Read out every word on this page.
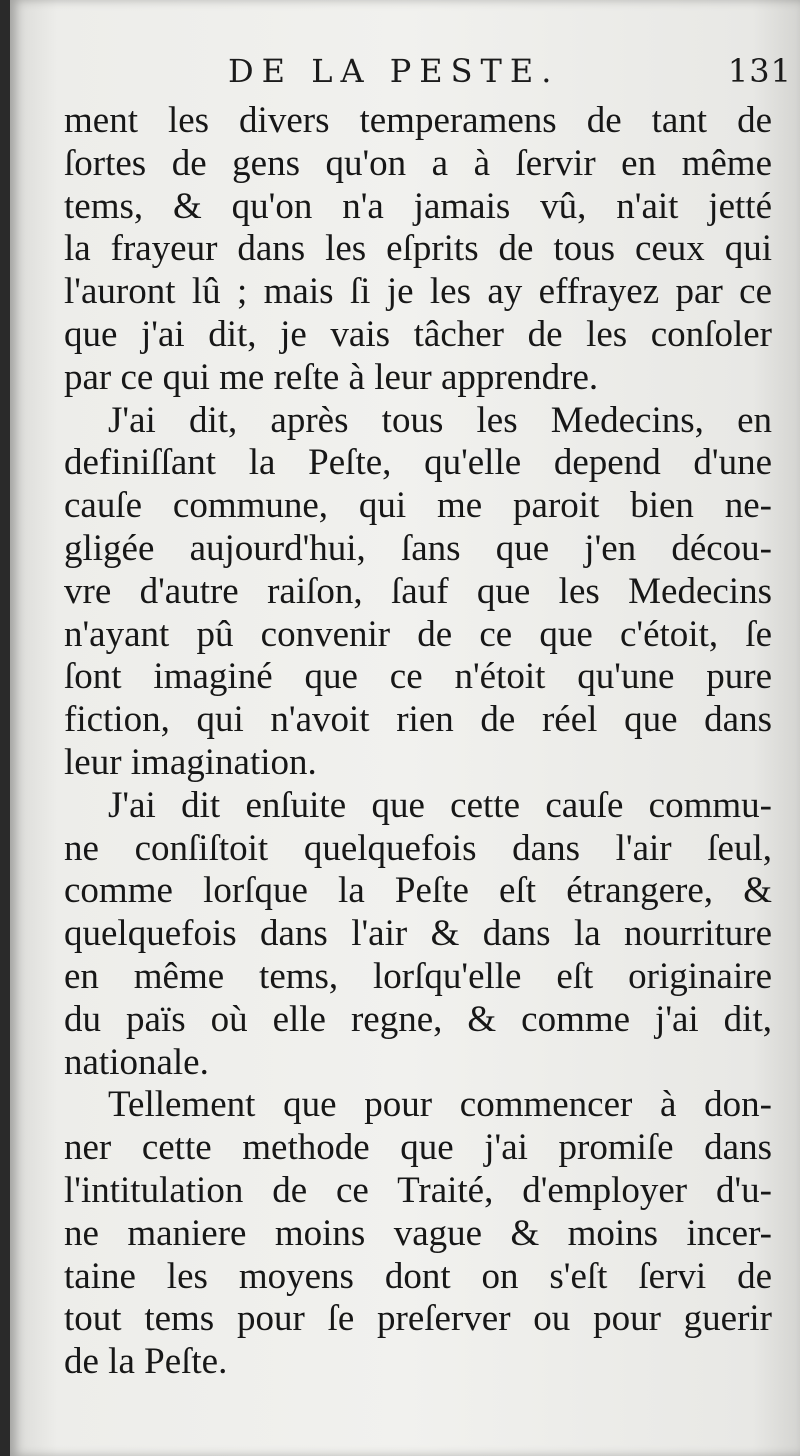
DE LA PESTE.	131
ment les divers temperamens de tant de
ſortes de gens qu'on a à ſervir en même
tems, & qu'on n'a jamais vû, n'ait jetté
la frayeur dans les eſprits de tous ceux qui
l'auront lû ; mais ſi je les ay effrayez par ce
que j'ai dit, je vais tâcher de les conſoler
par ce qui me reſte à leur apprendre.
J'ai dit, après tous les Medecins, en
definiſſant la Peſte, qu'elle depend d'une
cauſe commune, qui me paroit bien ne-
gligée aujourd'hui, ſans que j'en décou-
vre d'autre raiſon, ſauf que les Medecins
n'ayant pû convenir de ce que c'étoit, ſe
ſont imaginé que ce n'étoit qu'une pure
fiction, qui n'avoit rien de réel que dans
leur imagination.
J'ai dit enſuite que cette cauſe commu-
ne conſiſtoit quelquefois dans l'air ſeul,
comme lorſque la Peſte eſt étrangere, &
quelquefois dans l'air & dans la nourriture
en même tems, lorſqu'elle eſt originaire
du païs où elle regne, & comme j'ai dit,
nationale.
Tellement que pour commencer à don-
ner cette methode que j'ai promiſe dans
l'intitulation de ce Traité, d'employer d'u-
ne maniere moins vague & moins incer-
taine les moyens dont on s'eſt ſervi de
tout tems pour ſe preſerver ou pour guerir
de la Peſte.
